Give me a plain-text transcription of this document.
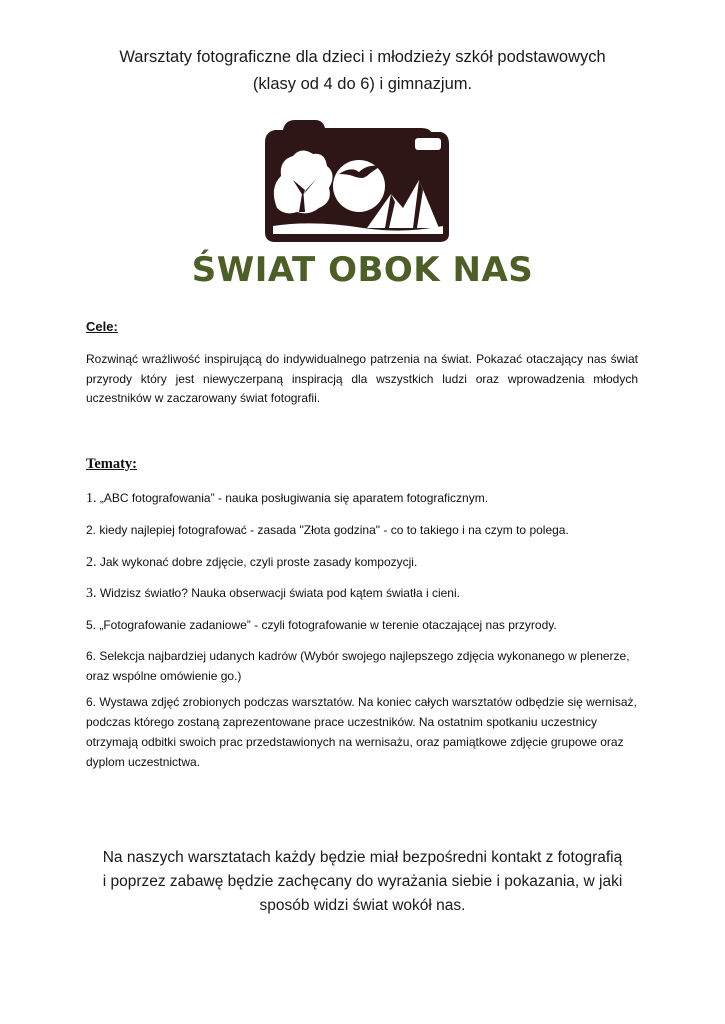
Warsztaty fotograficzne dla dzieci i młodzieży szkół podstawowych
(klasy od 4 do 6) i gimnazjum.
ŚWIAT OBOK NAS
Cele:
Rozwinąć wrażliwość inspirującą do indywidualnego patrzenia na świat. Pokazać otaczający nas świat przyrody który jest niewyczerpaną inspiracją dla wszystkich ludzi oraz wprowadzenia młodych uczestników w zaczarowany świat fotografii.
Tematy:
1. „ABC fotografowania” - nauka posługiwania się aparatem fotograficznym.
2. kiedy najlepiej fotografować - zasada "Złota godzina" - co to takiego i na czym to polega.
2. Jak wykonać dobre zdjęcie, czyli proste zasady kompozycji.
3. Widzisz światło? Nauka obserwacji świata pod kątem światła i cieni.
5. „Fotografowanie zadaniowe” - czyli fotografowanie w terenie otaczającej nas przyrody.
6. Selekcja najbardziej udanych kadrów (Wybór swojego najlepszego zdjęcia wykonanego w plenerze, oraz wspólne omówienie go.)
6. Wystawa zdjęć zrobionych podczas warsztatów. Na koniec całych warsztatów odbędzie się wernisaż, podczas którego zostaną zaprezentowane prace uczestników. Na ostatnim spotkaniu uczestnicy otrzymają odbitki swoich prac przedstawionych na wernisażu, oraz pamiątkowe zdjęcie grupowe oraz dyplom uczestnictwa.
Na naszych warsztatach każdy będzie miał bezpośredni kontakt z fotografią
i poprzez zabawę będzie zachęcany do wyrażania siebie i pokazania, w jaki
sposób widzi świat wokół nas.
